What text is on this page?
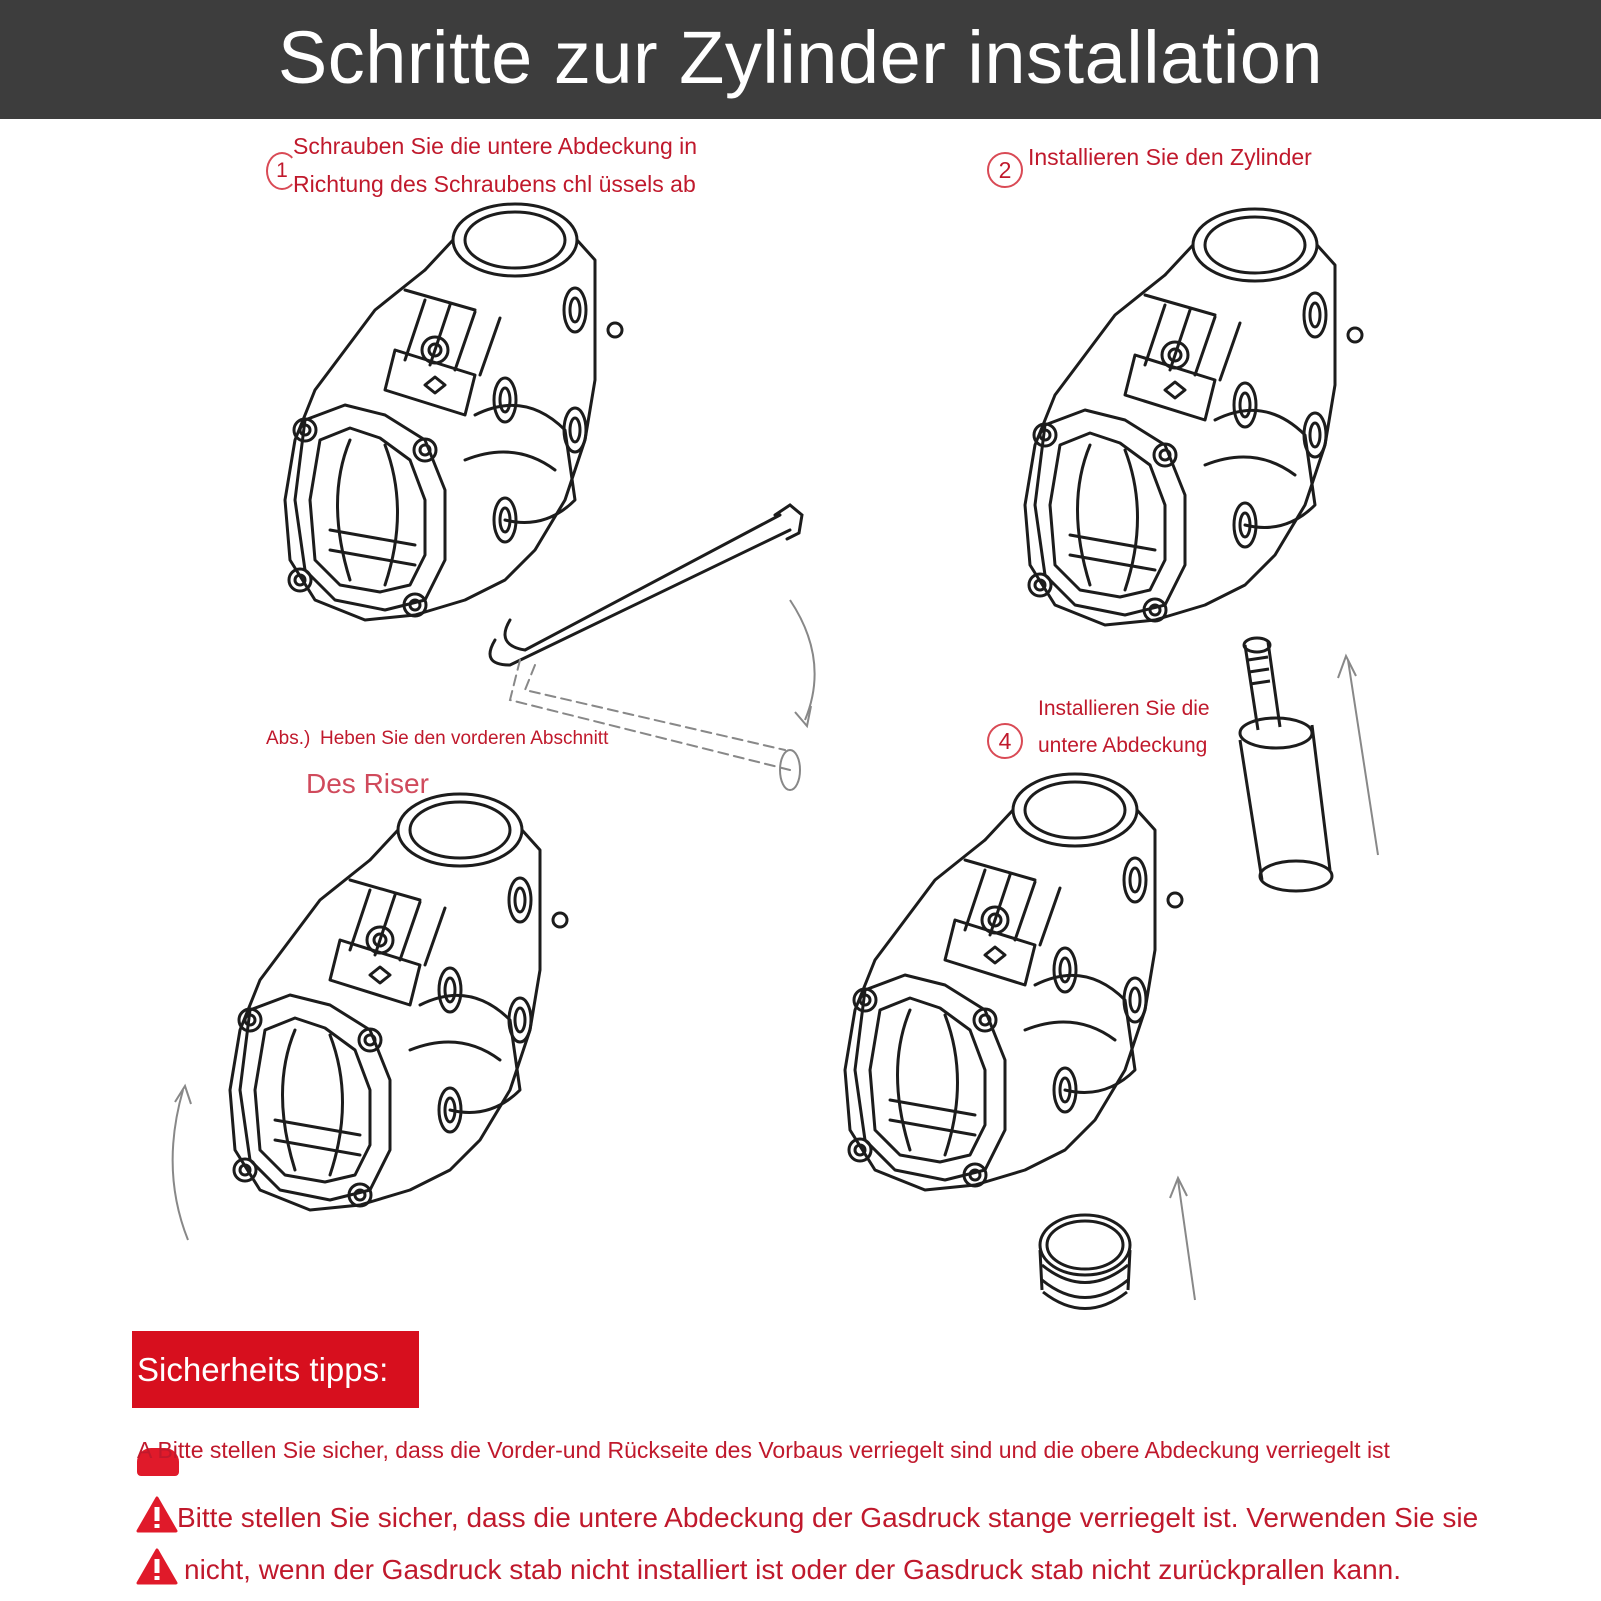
Schritte zur Zylinder installation
1
Schrauben Sie die untere Abdeckung in
Richtung des Schraubens chl üssels ab
2 Installieren Sie den Zylinder
Abs.) Heben Sie den vorderen Abschnitt
Des Riser
4
Installieren Sie die
untere Abdeckung
Sicherheits tipps:
A Bitte stellen Sie sicher, dass die Vorder-und Rückseite des Vorbaus verriegelt sind und die obere Abdeckung verriegelt ist
Bitte stellen Sie sicher, dass die untere Abdeckung der Gasdruck stange verriegelt ist. Verwenden Sie sie
nicht, wenn der Gasdruck stab nicht installiert ist oder der Gasdruck stab nicht zurückprallen kann.
